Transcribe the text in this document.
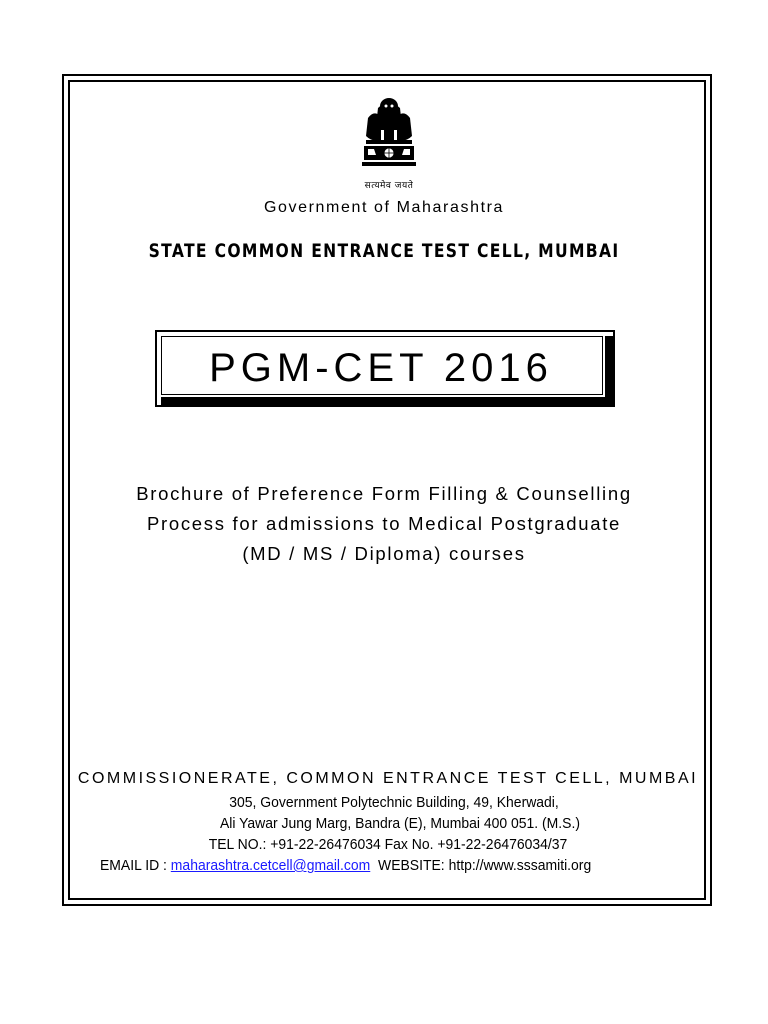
सत्यमेव जयते
Government of Maharashtra
STATE COMMON ENTRANCE TEST CELL, MUMBAI
PGM-CET 2016
Brochure of Preference Form Filling & Counselling
Process for admissions to Medical Postgraduate
(MD / MS / Diploma) courses
COMMISSIONERATE, COMMON ENTRANCE TEST CELL, MUMBAI
305, Government Polytechnic Building, 49, Kherwadi,
Ali Yawar Jung Marg, Bandra (E), Mumbai 400 051. (M.S.)
TEL NO.: +91-22-26476034 Fax No. +91-22-26476034/37
EMAIL ID : maharashtra.cetcell@gmail.com WEBSITE: http://www.sssamiti.org
